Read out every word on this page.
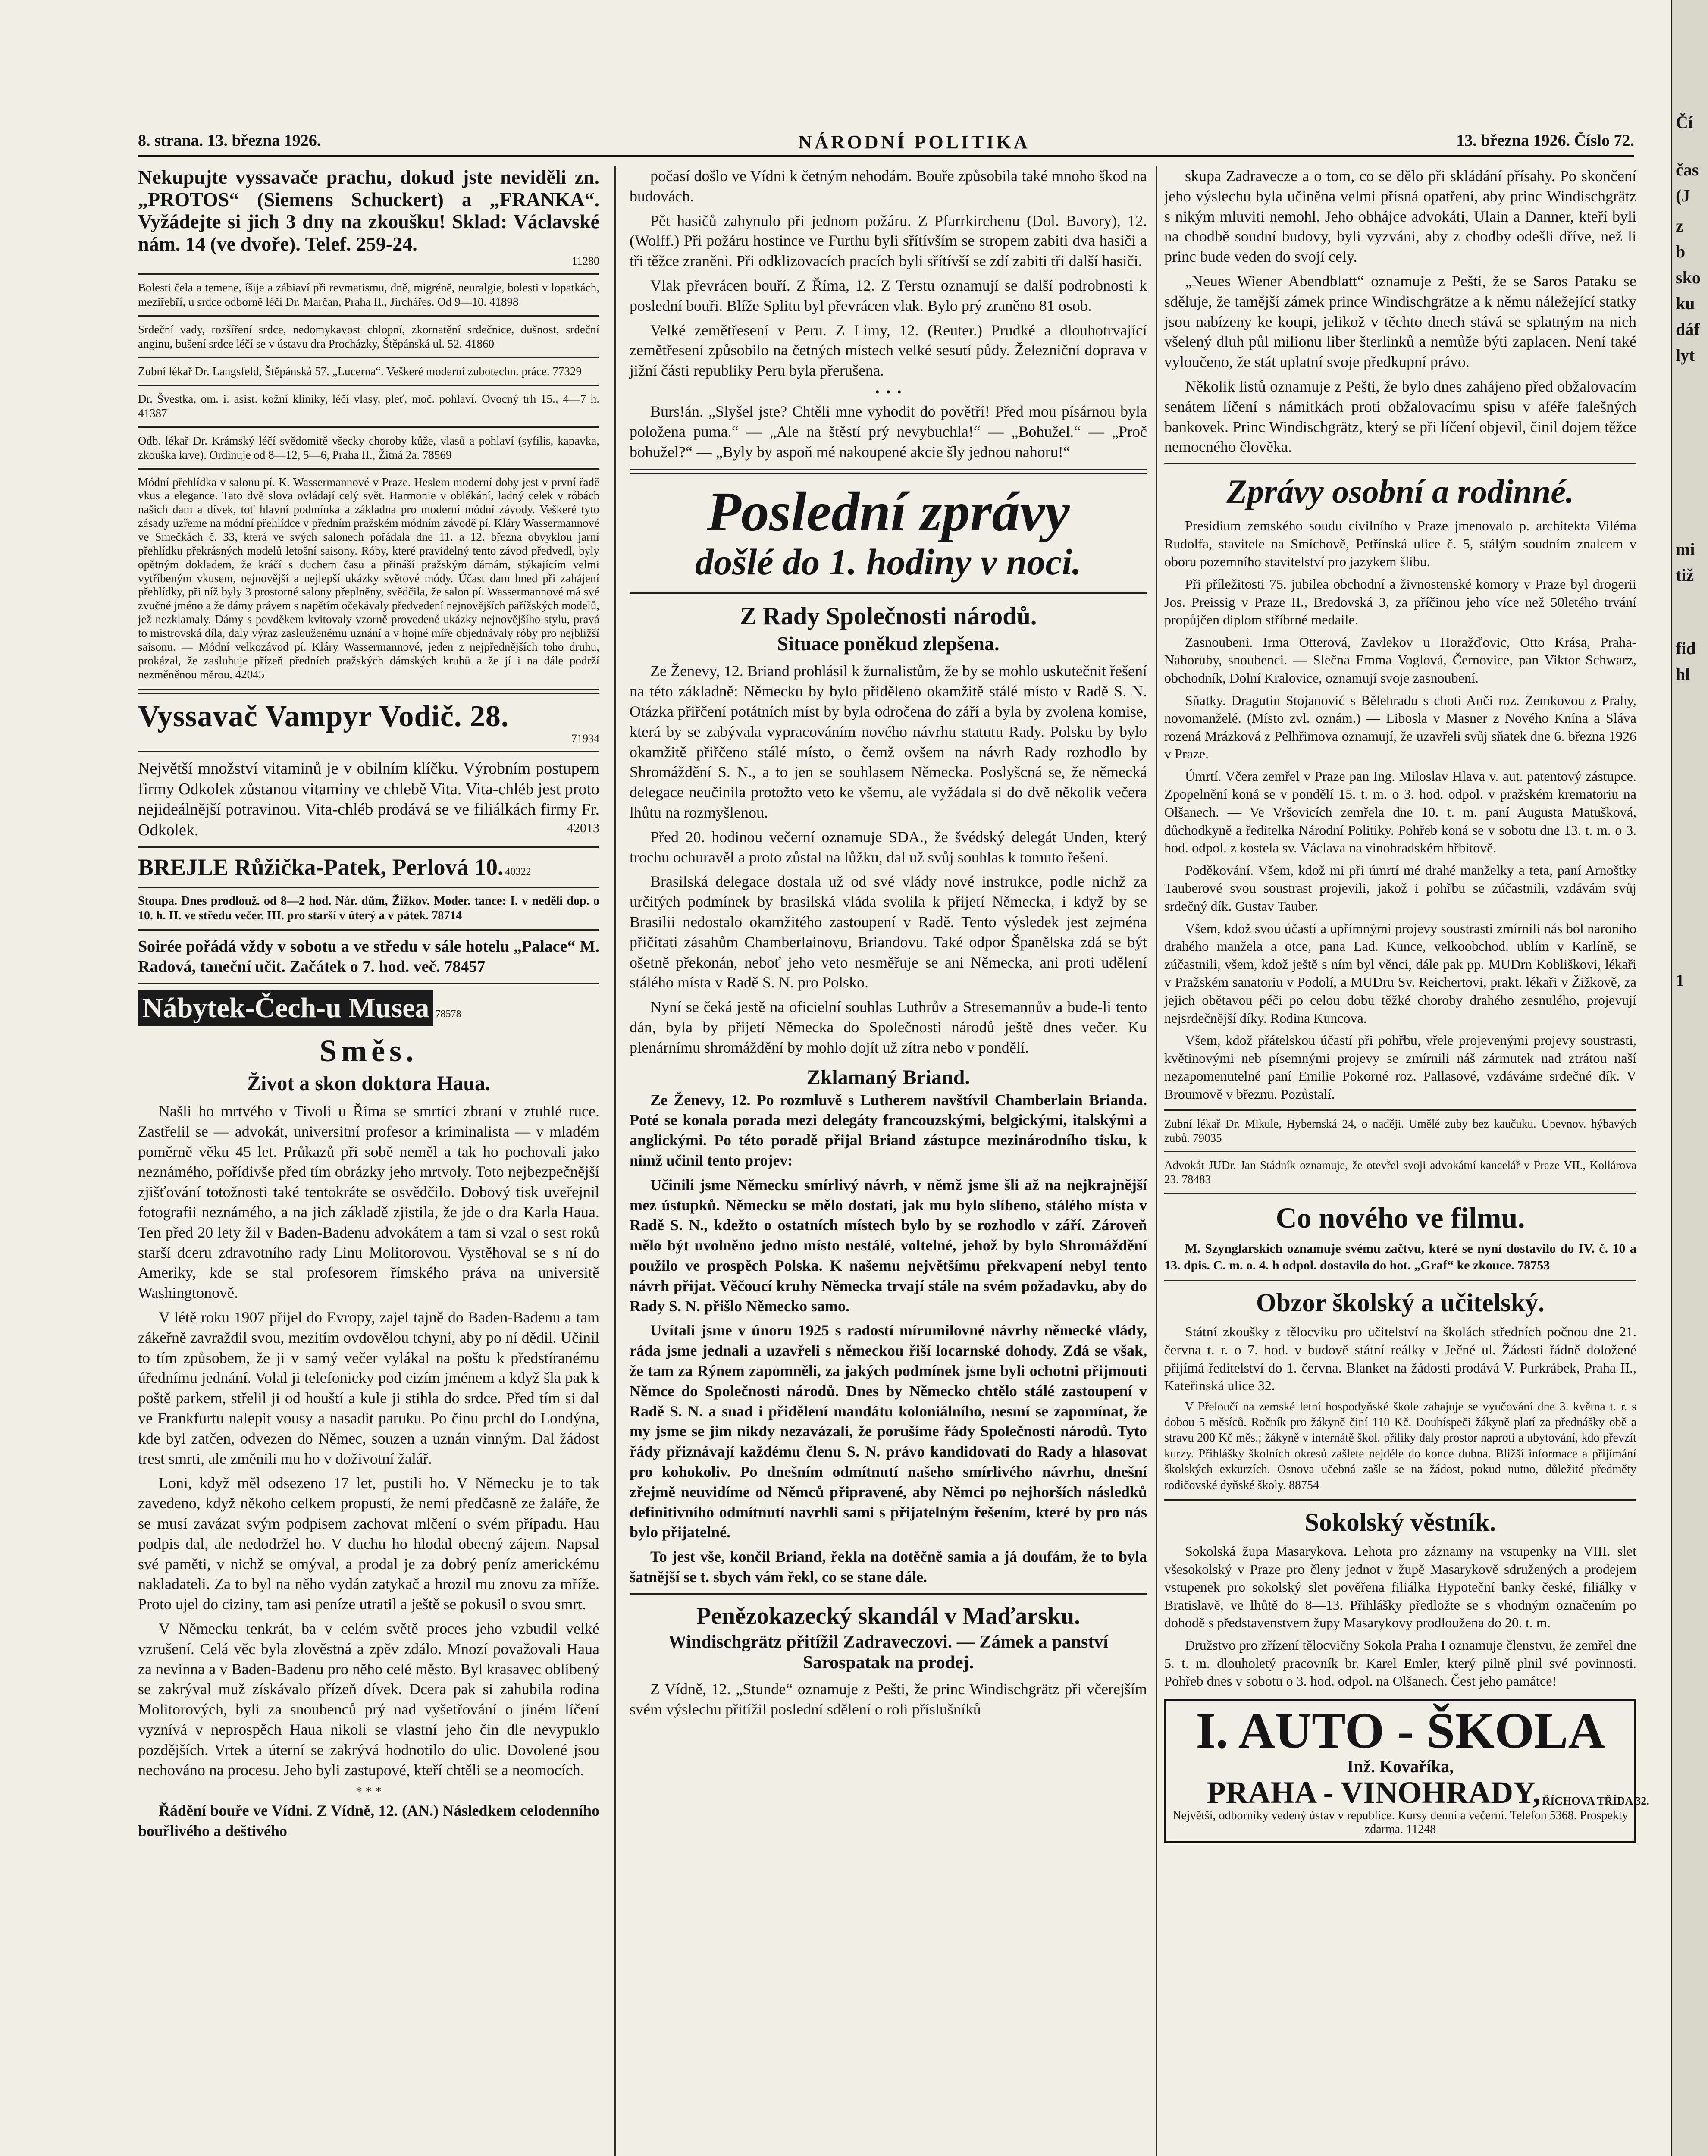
Čí
čas
(J
z
b
sko
ku
dáf
lyt
mi
tiž
fid
hl
1
8. strana. 13. března 1926.	NÁRODNÍ POLITIKA	13. března 1926. Číslo 72.
Nekupujte vyssavače prachu, dokud jste neviděli zn. „PROTOS“ (Siemens Schuckert) a „FRANKA“. Vyžádejte si jich 3 dny na zkoušku! Sklad: Václavské nám. 14 (ve dvoře). Telef. 259-24.
11280
Bolesti čela a temene, íšije a zábiaví při revmatismu, dně, migréně, neuralgie, bolesti v lopatkách, meziřebří, u srdce odborně léčí Dr. Marčan, Praha II., Jirchářes. Od 9—10. 41898
Srdeční vady, rozšíření srdce, nedomykavost chlopní, zkornatění srdečnice, dušnost, srdeční anginu, bušení srdce léčí se v ústavu dra Procházky, Štěpánská ul. 52. 41860
Zubní lékař Dr. Langsfeld, Štěpánská 57. „Lucerna“. Veškeré moderní zubotechn. práce. 77329
Dr. Švestka, om. i. asist. kožní kliniky, léčí vlasy, pleť, moč. pohlaví. Ovocný trh 15., 4—7 h. 41387
Odb. lékař Dr. Krámský léčí svědomitě všecky choroby kůže, vlasů a pohlaví (syfilis, kapavka, zkouška krve). Ordinuje od 8—12, 5—6, Praha II., Žitná 2a. 78569
Módní přehlídka v salonu pí. K. Wassermannové v Praze. Heslem moderní doby jest v první řadě vkus a elegance. Tato dvě slova ovládají celý svět. Harmonie v oblékání, ladný celek v róbách našich dam a dívek, toť hlavní podmínka a základna pro moderní módní závody. Veškeré tyto zásady uzřeme na módní přehlídce v předním pražském módním závodě pí. Kláry Wassermannové ve Smečkách č. 33, která ve svých salonech pořádala dne 11. a 12. března obvyklou jarní přehlídku překrásných modelů letošní saisony. Róby, které pravidelný tento závod předvedl, byly opětným dokladem, že kráčí s duchem času a přináší pražským dámám, stýkajícím velmi vytříbeným vkusem, nejnovější a nejlepší ukázky světové módy. Účast dam hned při zahájení přehlídky, při níž byly 3 prostorné salony přeplněny, svědčila, že salon pí. Wassermannové má své zvučné jméno a že dámy právem s napětím očekávaly předvedení nejnovějších pařížských modelů, jež nezklamaly. Dámy s povděkem kvitovaly vzorně provedené ukázky nejnovějšího stylu, pravá to mistrovská díla, daly výraz zaslouženému uznání a v hojné míře objednávaly róby pro nejbližší saisonu. — Módní velkozávod pí. Kláry Wassermannové, jeden z nejpřednějších toho druhu, prokázal, že zasluhuje přízeň předních pražských dámských kruhů a že jí i na dále podrží nezměněnou měrou. 42045
Vyssavač Vampyr Vodič. 28.
71934
Největší množství vitaminů je v obilním klíčku. Výrobním postupem firmy Odkolek zůstanou vitaminy ve chlebě Vita. Vita-chléb jest proto nejideálnější potravinou. Vita-chléb prodává se ve filiálkách firmy Fr. Odkolek.	42013
BREJLE Růžička-Patek, Perlová 10. 40322
Stoupa. Dnes prodlouž. od 8—2 hod. Nár. dům, Žižkov. Moder. tance: I. v neděli dop. o 10. h. II. ve středu večer. III. pro starší v úterý a v pátek. 78714
Soirée pořádá vždy v sobotu a ve středu v sále hotelu „Palace“ M. Radová, taneční učit. Začátek o 7. hod. več. 78457
Nábytek-Čech-u Musea 78578
Směs.
Život a skon doktora Haua.

Našli ho mrtvého v Tivoli u Říma se smrtící zbraní v ztuhlé ruce. Zastřelil se — advokát, universitní profesor a kriminalista — v mladém poměrně věku 45 let. Průkazů při sobě neměl a tak ho pochovali jako neznámého, pořídivše před tím obrázky jeho mrtvoly. Toto nejbezpečnější zjišťování totožnosti také tentokráte se osvědčilo. Dobový tisk uveřejnil fotografii neznámého, a na jich základě zjistila, že jde o dra Karla Haua. Ten před 20 lety žil v Baden-Badenu advokátem a tam si vzal o sest roků starší dceru zdravotního rady Linu Molitorovou. Vystěhoval se s ní do Ameriky, kde se stal profesorem římského práva na universitě Washingtonově.

V létě roku 1907 přijel do Evropy, zajel tajně do Baden-Badenu a tam zákeřně zavraždil svou, mezitím ovdovělou tchyni, aby po ní dědil. Učinil to tím způsobem, že ji v samý večer vylákal na poštu k předstíranému úřednímu jednání. Volal ji telefonicky pod cizím jménem a když šla pak k poště parkem, střelil ji od houští a kule ji stihla do srdce. Před tím si dal ve Frankfurtu nalepit vousy a nasadit paruku. Po činu prchl do Londýna, kde byl zatčen, odvezen do Němec, souzen a uznán vinným. Dal žádost trest smrti, ale změnili mu ho v doživotní žalář.

Loni, když měl odsezeno 17 let, pustili ho. V Německu je to tak zavedeno, když někoho celkem propustí, že nemí předčasně ze žaláře, že se musí zavázat svým podpisem zachovat mlčení o svém případu. Hau podpis dal, ale nedodržel ho. V duchu ho hlodal obecný zájem. Napsal své paměti, v nichž se omýval, a prodal je za dobrý peníz americkému nakladateli. Za to byl na něho vydán zatykač a hrozil mu znovu za mříže. Proto ujel do ciziny, tam asi peníze utratil a ještě se pokusil o svou smrt.

V Německu tenkrát, ba v celém světě proces jeho vzbudil velké vzrušení. Celá věc byla zlověstná a zpěv zdálo. Mnozí považovali Haua za nevinna a v Baden-Badenu pro něho celé město. Byl krasavec oblíbený se zakrýval muž získávalo přízeň dívek. Dcera pak si zahubila rodina Molitorových, byli za snoubenců prý nad vyšetřování o jiném líčení vyznívá v neprospěch Haua nikoli se vlastní jeho čin dle nevypuklo pozdějších. Vrtek a úterní se zakrývá hodnotilo do ulic. Dovolené jsou nechováno na procesu. Jeho byli zastupové, kteří chtěli se a neomocích.

* * *

Řádění bouře ve Vídni. Z Vídně, 12. (AN.) Následkem celodenního bouřlivého a deštivého

počasí došlo ve Vídni k četným nehodám. Bouře způsobila také mnoho škod na budovách.

Pět hasičů zahynulo při jednom požáru. Z Pfarrkirchenu (Dol. Bavory), 12. (Wolff.) Při požáru hostince ve Furthu byli sřítívším se stropem zabiti dva hasiči a tři těžce zraněni. Při odklizovacích pracích byli sřítívší se zdí zabiti tři další hasiči.

Vlak převrácen bouří. Z Říma, 12. Z Terstu oznamují se další podrobnosti k poslední bouři. Blíže Splitu byl převrácen vlak. Bylo prý zraněno 81 osob.

Velké zemětřesení v Peru. Z Limy, 12. (Reuter.) Prudké a dlouhotrvající zemětřesení způsobilo na četných místech velké sesutí půdy. Železniční doprava v jižní části republiky Peru byla přerušena.

•  •  •

Burs!án. „Slyšel jste? Chtěli mne vyhodit do povětří! Před mou písárnou byla položena puma.“ — „Ale na štěstí prý nevybuchla!“ — „Bohužel.“ — „Proč bohužel?“ — „Byly by aspoň mé nakoupené akcie šly jednou nahoru!“

Poslední zprávy
došlé do 1. hodiny v noci.
Z Rady Společnosti národů.
Situace poněkud zlepšena.

Ze Ženevy, 12. Briand prohlásil k žurnalistům, že by se mohlo uskutečnit řešení na této základně: Německu by bylo přiděleno okamžitě stálé místo v Radě S. N. Otázka přiřčení potátních míst by byla odročena do září a byla by zvolena komise, která by se zabývala vypracováním nového návrhu statutu Rady. Polsku by bylo okamžitě přiřčeno stálé místo, o čemž ovšem na návrh Rady rozhodlo by Shromáždění S. N., a to jen se souhlasem Německa. Poslyšcná se, že německá delegace neučinila protožto veto ke všemu, ale vyžádala si do dvě několik večera lhůtu na rozmyšlenou.

Před 20. hodinou večerní oznamuje SDA., že švédský delegát Unden, který trochu ochuravěl a proto zůstal na lůžku, dal už svůj souhlas k tomuto řešení.

Brasilská delegace dostala už od své vlády nové instrukce, podle nichž za určitých podmínek by brasilská vláda svolila k přijetí Německa, i když by se Brasilii nedostalo okamžitého zastoupení v Radě. Tento výsledek jest zejména přičítati zásahům Chamberlainovu, Briandovu. Také odpor Španělska zdá se být ošetně překonán, neboť jeho veto nesměřuje se ani Německa, ani proti udělení stálého místa v Radě S. N. pro Polsko.

Nyní se čeká jestě na oficielní souhlas Luthrův a Stresemannův a bude-li tento dán, byla by přijetí Německa do Společnosti národů ještě dnes večer. Ku plenárnímu shromáždění by mohlo dojít už zítra nebo v pondělí.

Zklamaný Briand.

Ze Ženevy, 12. Po rozmluvě s Lutherem navštívil Chamberlain Brianda. Poté se konala porada mezi delegáty francouzskými, belgickými, italskými a anglickými. Po této poradě přijal Briand zástupce mezinárodního tisku, k nimž učinil tento projev:

Učinili jsme Německu smírlivý návrh, v němž jsme šli až na nejkrajnější mez ústupků. Německu se mělo dostati, jak mu bylo slíbeno, stálého místa v Radě S. N., kdežto o ostatních místech bylo by se rozhodlo v září. Zároveň mělo být uvolněno jedno místo nestálé, voltelné, jehož by bylo Shromáždění použilo ve prospěch Polska. K našemu největšímu překvapení nebyl tento návrh přijat. Věčoucí kruhy Německa trvají stále na svém požadavku, aby do Rady S. N. přišlo Německo samo.

Uvítali jsme v únoru 1925 s radostí mírumilovné návrhy německé vlády, ráda jsme jednali a uzavřeli s německou řiší locarnské dohody. Zdá se však, že tam za Rýnem zapomněli, za jakých podmínek jsme byli ochotni přijmouti Němce do Společnosti národů. Dnes by Německo chtělo stálé zastoupení v Radě S. N. a snad i přidělení mandátu koloniálního, nesmí se zapomínat, že my jsme se jim nikdy nezavázali, že porušíme řády Společnosti národů. Tyto řády přiznávají každému členu S. N. právo kandidovati do Rady a hlasovat pro kohokoliv. Po dnešním odmítnutí našeho smírlivého návrhu, dnešní zřejmě neuvidíme od Němců připravené, aby Němci po nejhorších následků definitivního odmítnutí navrhli sami s přijatelným řešením, které by pro nás bylo přijatelné.

To jest vše, končil Briand, řekla na dotěčně samia a já doufám, že to byla šatnější se t. sbych vám řekl, co se stane dále.

Penězokazecký skandál v Maďarsku.
Windischgrätz přitížil Zadraveczovi. — Zámek a panství Sarospatak na prodej.

Z Vídně, 12. „Stunde“ oznamuje z Pešti, že princ Windischgrätz při včerejším svém výslechu přitížil poslední sdělení o roli příslušníků

skupa Zadraveczе a o tom, co se dělo při skládání přísahy. Po skončení jeho výslechu byla učiněna velmi přísná opatření, aby princ Windischgrätz s nikým mluviti nemohl. Jeho obhájce advokáti, Ulain a Danner, kteří byli na chodbě soudní budovy, byli vyzváni, aby z chodby odešli dříve, než li princ bude veden do svojí cely.

„Neues Wiener Abendblatt“ oznamuje z Pešti, že se Saros Pataku se sděluje, že tamější zámek prince Windischgrätze a k němu náležející statky jsou nabízeny ke koupi, jelikož v těchto dnech stává se splatným na nich všelený dluh půl milionu liber šterlinků a nemůže býti zaplacen. Není také vyloučeno, že stát uplatní svoje předkupní právo.

Několik listů oznamuje z Pešti, že bylo dnes zahájeno před obžalovacím senátem líčení s námitkách proti obžalovacímu spisu v aféře falešných bankovek. Princ Windischgrätz, který se při líčení objevil, činil dojem těžce nemocného člověka.

Zprávy osobní a rodinné.

Presidium zemského soudu civilního v Praze jmenovalo p. architekta Viléma Rudolfa, stavitele na Smíchově, Petřínská ulice č. 5, stálým soudním znalcem v oboru pozemního stavitelství pro jazykem šlibu.

Při příležitosti 75. jubilea obchodní a živnostenské komory v Praze byl drogerii Jos. Preissig v Praze II., Bredovská 3, za příčinou jeho více než 50letého trvání propůjčen diplom stříbrné medaile.

Zasnoubeni. Irma Otterová, Zavlekov u Horažďovic, Otto Krása, Praha-Nahoruby, snoubenci. — Slečna Emma Voglová, Černovice, pan Viktor Schwarz, obchodník, Dolní Kralovice, oznamují svoje zasnoubení.

Sňatky. Dragutin Stojanović s Bělehradu s choti Anči roz. Zemkovou z Prahy, novomanželé. (Místo zvl. oznám.) — Libosla v Masner z Nového Knína a Sláva rozená Mrázková z Pelhřimova oznamují, že uzavřeli svůj sňatek dne 6. března 1926 v Praze.

Úmrtí. Včera zemřel v Praze pan Ing. Miloslav Hlava v. aut. patentový zástupce. Zpopelnění koná se v pondělí 15. t. m. o 3. hod. odpol. v pražském krematoriu na Olšanech. — Ve Vršovicích zemřela dne 10. t. m. paní Augusta Matušková, důchodkyně a ředitelka Národní Politiky. Pohřeb koná se v sobotu dne 13. t. m. o 3. hod. odpol. z kostela sv. Václava na vinohradském hřbitově.

Poděkování. Všem, kdož mi při úmrtí mé drahé manželky a teta, paní Arnoštky Tauberové svou soustrast projevili, jakož i pohřbu se zúčastnili, vzdávám svůj srdečný dík. Gustav Tauber.

Všem, kdož svou účastí a upřímnými projevy soustrasti zmírnili nás bol naroniho drahého manžela a otce, pana Lad. Kunce, velkoobchod. ublím v Karlíně, se zúčastnili, všem, kdož ještě s ním byl věnci, dále pak pp. MUDrn Kobliškovi, lékaři v Pražském sanatoriu v Podolí, a MUDru Sv. Reichertovi, prakt. lékaři v Žižkově, za jejich obětavou péči po celou dobu těžké choroby drahého zesnulého, projevují nejsrdečnější díky. Rodina Kuncova.

Všem, kdož přátelskou účastí při pohřbu, vřele projevenými projevy soustrasti, květinovými neb písemnými projevy se zmírnili náš zármutek nad ztrátou naší nezapomenutelné paní Emilie Pokorné roz. Pallasové, vzdáváme srdečné dík. V Broumově v březnu. Pozůstalí.

Zubní lékař Dr. Mikule, Hybernská 24, o naději. Umělé zuby bez kaučuku. Upevnov. hýbavých zubů. 79035
Advokát JUDr. Jan Stádník oznamuje, že otevřel svoji advokátní kancelář v Praze VII., Kollárova 23. 78483
Co nového ve filmu.

M. Szynglarskich oznamuje svému začtvu, které se nyní dostavilo do IV. č. 10 a 13. dpis. C. m. o. 4. h odpol. dostavilo do hot. „Graf“ ke zkouce. 78753

Obzor školský a učitelský.

Státní zkoušky z tělocviku pro učitelství na školách středních počnou dne 21. června t. r. o 7. hod. v budově státní reálky v Ječné ul. Žádosti řádně doložené přijímá ředitelství do 1. června. Blanket na žádosti prodává V. Purkrábek, Praha II., Kateřinská ulice 32.

V Přeloučí na zemské letní hospodyňské škole zahajuje se vyučování dne 3. května t. r. s dobou 5 měsíců. Ročník pro žákyně činí 110 Kč. Doubíspeči žákyně platí za přednášky obě a stravu 200 Kč měs.; žákyně v internátě škol. přiliky daly prostor naproti a ubytování, kdo převzít kurzy. Přihlášky školních okresů zašlete nejdéle do konce dubna. Bližší informace a přijímání školských exkurzích. Osnova učebná zašle se na žádost, pokud nutno, důležité předměty rodičovské dyňské školy. 88754

Sokolský věstník.

Sokolská župa Masarykova. Lehota pro záznamy na vstupenky na VIII. slet všesokolský v Praze pro členy jednot v župě Masarykově sdružených a prodejem vstupenek pro sokolský slet pověřena filiálka Hypoteční banky české, filiálky v Bratislavě, ve lhůtě do 8—13. Přihlášky předložte se s vhodným označením po dohodě s představenstvem župy Masarykovy prodloužena do 20. t. m.

Družstvo pro zřízení tělocvičny Sokola Praha I oznamuje členstvu, že zemřel dne 5. t. m. dlouholetý pracovník br. Karel Emler, který pilně plnil své povinnosti. Pohřeb dnes v sobotu o 3. hod. odpol. na Olšanech. Čest jeho památce!

I. AUTO - ŠKOLA
Inž. Kovaříka,
PRAHA - VINOHRADY, ŘÍCHOVA TŘÍDA 32.
Největší, odborníky vedený ústav v republice. Kursy denní a večerní. Telefon 5368. Prospekty zdarma. 11248
